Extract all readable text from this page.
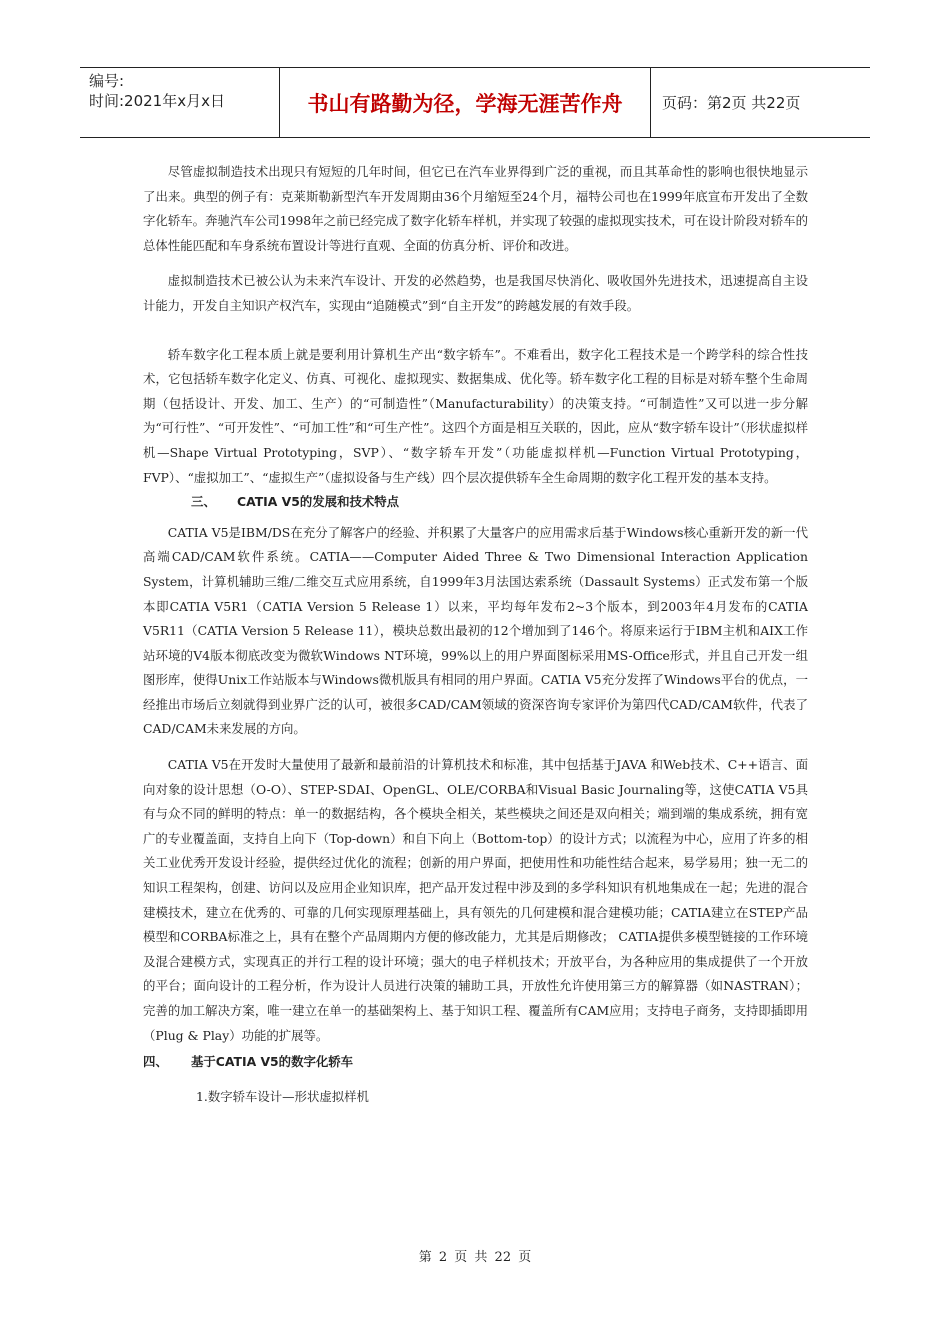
编号:
时间:2021年x月x日	书山有路勤为径，学海无涯苦作舟	页码：第2页 共22页

尽管虚拟制造技术出现只有短短的几年时间，但它已在汽车业界得到广泛的重视，而且其革命性的影响也很快地显示了出来。典型的例子有：克莱斯勒新型汽车开发周期由36个月缩短至24个月，福特公司也在1999年底宣布开发出了全数字化轿车。奔驰汽车公司1998年之前已经完成了数字化轿车样机，并实现了较强的虚拟现实技术，可在设计阶段对轿车的总体性能匹配和车身系统布置设计等进行直观、全面的仿真分析、评价和改进。

虚拟制造技术已被公认为未来汽车设计、开发的必然趋势，也是我国尽快消化、吸收国外先进技术，迅速提高自主设计能力，开发自主知识产权汽车，实现由“追随模式”到“自主开发”的跨越发展的有效手段。

轿车数字化工程本质上就是要利用计算机生产出“数字轿车”。不难看出，数字化工程技术是一个跨学科的综合性技术，它包括轿车数字化定义、仿真、可视化、虚拟现实、数据集成、优化等。轿车数字化工程的目标是对轿车整个生命周期（包括设计、开发、加工、生产）的“可制造性”（Manufacturability）的决策支持。“可制造性”又可以进一步分解为“可行性”、“可开发性”、“可加工性”和“可生产性”。这四个方面是相互关联的，因此，应从“数字轿车设计”（形状虚拟样机—Shape Virtual Prototyping，SVP）、“数字轿车开发”（功能虚拟样机—Function Virtual Prototyping，FVP）、“虚拟加工”、“虚拟生产”（虚拟设备与生产线）四个层次提供轿车全生命周期的数字化工程开发的基本支持。

三、 CATIA V5的发展和技术特点

CATIA V5是IBM/DS在充分了解客户的经验、并积累了大量客户的应用需求后基于Windows核心重新开发的新一代高端CAD/CAM软件系统。CATIA——Computer Aided Three & Two Dimensional Interaction Application System，计算机辅助三维/二维交互式应用系统，自1999年3月法国达索系统（Dassault Systems）正式发布第一个版本即CATIA V5R1（CATIA Version 5 Release 1）以来，平均每年发布2~3个版本，到2003年4月发布的CATIA V5R11（CATIA Version 5 Release 11），模块总数出最初的12个增加到了146个。将原来运行于IBM主机和AIX工作站环境的V4版本彻底改变为微软Windows NT环境，99%以上的用户界面图标采用MS-Office形式，并且自己开发一组图形库，使得Unix工作站版本与Windows微机版具有相同的用户界面。CATIA V5充分发挥了Windows平台的优点，一经推出市场后立刻就得到业界广泛的认可，被很多CAD/CAM领域的资深咨询专家评价为第四代CAD/CAM软件，代表了CAD/CAM未来发展的方向。

CATIA V5在开发时大量使用了最新和最前沿的计算机技术和标准，其中包括基于JAVA 和Web技术、C++语言、面向对象的设计思想（O-O）、STEP-SDAI、OpenGL、OLE/CORBA和Visual Basic Journaling等，这使CATIA V5具有与众不同的鲜明的特点：单一的数据结构，各个模块全相关，某些模块之间还是双向相关；端到端的集成系统，拥有宽广的专业覆盖面，支持自上向下（Top-down）和自下向上（Bottom-top）的设计方式；以流程为中心，应用了许多的相关工业优秀开发设计经验，提供经过优化的流程；创新的用户界面，把使用性和功能性结合起来，易学易用；独一无二的知识工程架构，创建、访问以及应用企业知识库，把产品开发过程中涉及到的多学科知识有机地集成在一起；先进的混合建模技术，建立在优秀的、可靠的几何实现原理基础上，具有领先的几何建模和混合建模功能；CATIA建立在STEP产品模型和CORBA标准之上，具有在整个产品周期内方便的修改能力，尤其是后期修改； CATIA提供多模型链接的工作环境及混合建模方式，实现真正的并行工程的设计环境；强大的电子样机技术；开放平台，为各种应用的集成提供了一个开放的平台；面向设计的工程分析，作为设计人员进行决策的辅助工具，开放性允许使用第三方的解算器（如NASTRAN）；完善的加工解决方案，唯一建立在单一的基础架构上、基于知识工程、覆盖所有CAM应用；支持电子商务，支持即插即用（Plug & Play）功能的扩展等。

四、 基于CATIA V5的数字化轿车
1.数字轿车设计—形状虚拟样机
第 2 页 共 22 页
